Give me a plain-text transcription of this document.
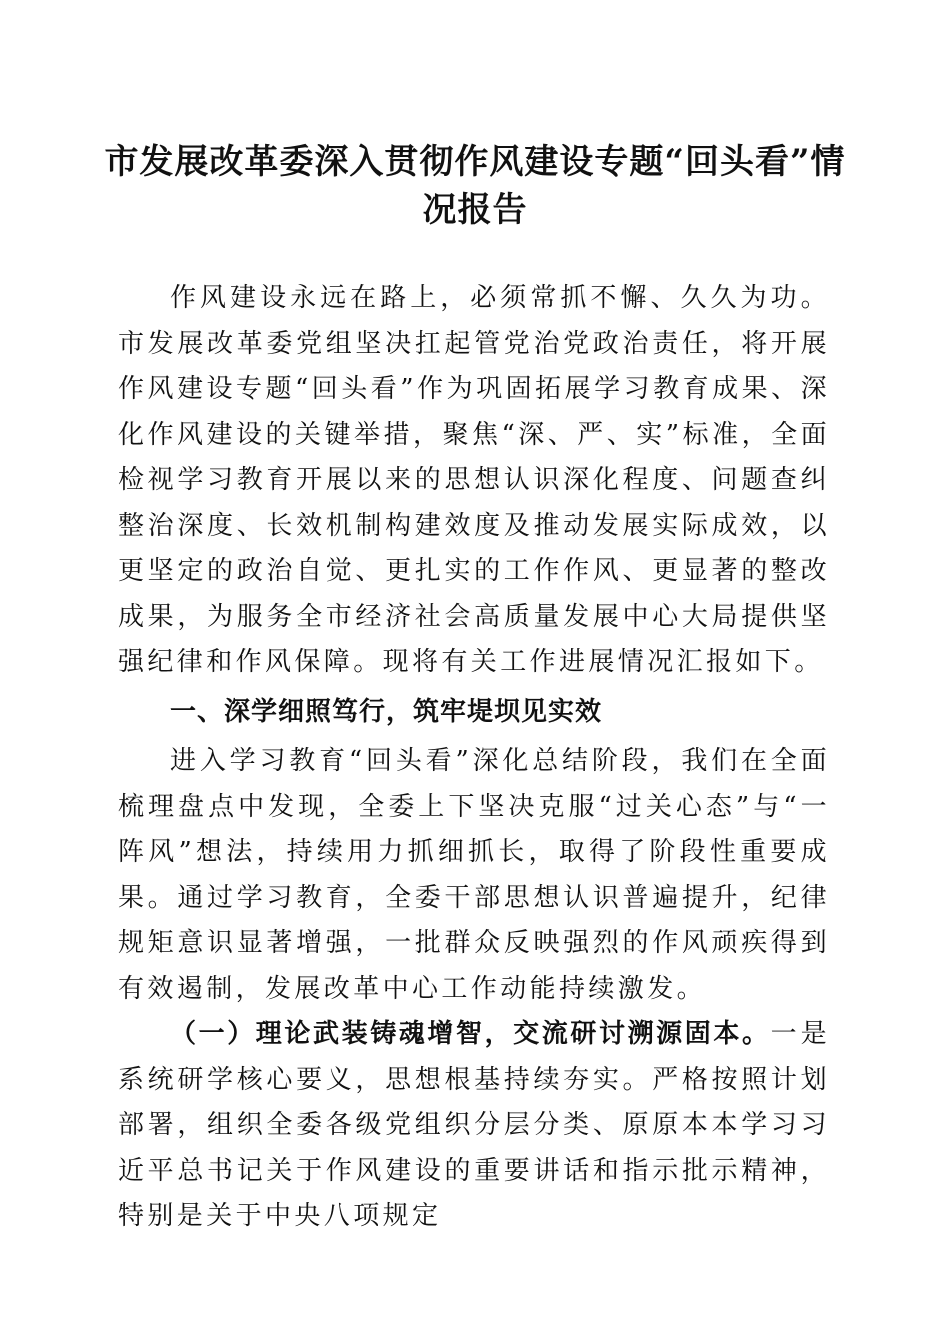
市发展改革委深入贯彻作风建设专题“回头看”情况报告

作风建设永远在路上，必须常抓不懈、久久为功。市发展改革委党组坚决扛起管党治党政治责任，将开展作风建设专题“回头看”作为巩固拓展学习教育成果、深化作风建设的关键举措，聚焦“深、严、实”标准，全面检视学习教育开展以来的思想认识深化程度、问题查纠整治深度、长效机制构建效度及推动发展实际成效，以更坚定的政治自觉、更扎实的工作作风、更显著的整改成果，为服务全市经济社会高质量发展中心大局提供坚强纪律和作风保障。现将有关工作进展情况汇报如下。

一、深学细照笃行，筑牢堤坝见实效

进入学习教育“回头看”深化总结阶段，我们在全面梳理盘点中发现，全委上下坚决克服“过关心态”与“一阵风”想法，持续用力抓细抓长，取得了阶段性重要成果。通过学习教育，全委干部思想认识普遍提升，纪律规矩意识显著增强，一批群众反映强烈的作风顽疾得到有效遏制，发展改革中心工作动能持续激发。

（一）理论武装铸魂增智，交流研讨溯源固本。一是系统研学核心要义，思想根基持续夯实。严格按照计划部署，组织全委各级党组织分层分类、原原本本学习习近平总书记关于作风建设的重要讲话和指示批示精神，特别是关于中央八项规定
